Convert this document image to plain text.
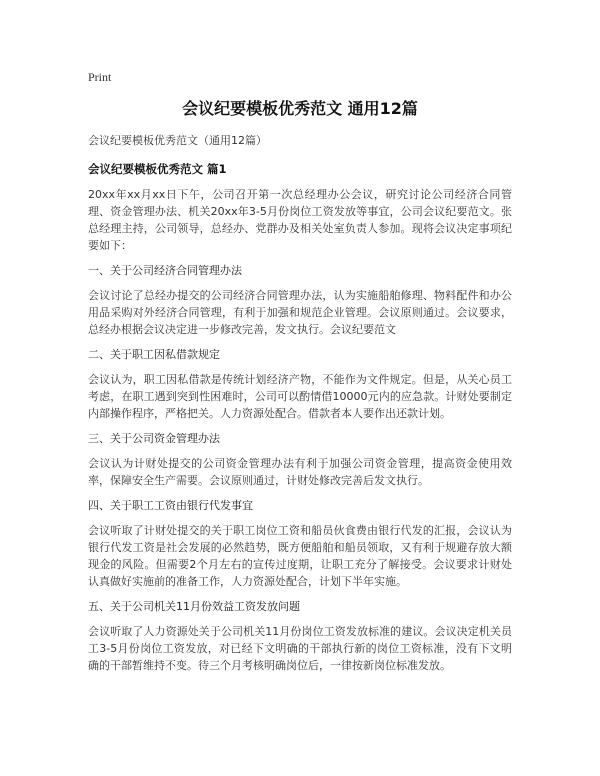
Print
会议纪要模板优秀范文 通用12篇

会议纪要模板优秀范文（通用12篇）

会议纪要模板优秀范文 篇1

20xx年xx月xx日下午，公司召开第一次总经理办公会议，研究讨论公司经济合同管理、资金管理办法、机关20xx年3-5月份岗位工资发放等事宜，公司会议纪要范文。张总经理主持，公司领导，总经办、党群办及相关处室负责人参加。现将会议决定事项纪要如下：

一、关于公司经济合同管理办法

会议讨论了总经办提交的公司经济合同管理办法，认为实施船舶修理、物料配件和办公用品采购对外经济合同管理，有利于加强和规范企业管理。会议原则通过。会议要求，总经办根据会议决定进一步修改完善，发文执行。会议纪要范文

二、关于职工因私借款规定

会议认为，职工因私借款是传统计划经济产物，不能作为文件规定。但是，从关心员工考虑，在职工遇到突到性困难时，公司可以酌情借10000元内的应急款。计财处要制定内部操作程序，严格把关。人力资源处配合。借款者本人要作出还款计划。

三、关于公司资金管理办法

会议认为计财处提交的公司资金管理办法有利于加强公司资金管理，提高资金使用效率，保障安全生产需要。会议原则通过，计财处修改完善后发文执行。

四、关于职工工资由银行代发事宜

会议听取了计财处提交的关于职工岗位工资和船员伙食费由银行代发的汇报，会议认为银行代发工资是社会发展的必然趋势，既方便船舶和船员领取，又有利于规避存放大额现金的风险。但需要2个月左右的宣传过度期，让职工充分了解接受。会议要求计财处认真做好实施前的准备工作，人力资源处配合，计划下半年实施。

五、关于公司机关11月份效益工资发放问题

会议听取了人力资源处关于公司机关11月份岗位工资发放标准的建议。会议决定机关员工3-5月份岗位工资发放，对已经下文明确的干部执行新的岗位工资标准，没有下文明确的干部暂维持不变。待三个月考核明确岗位后，一律按新岗位标准发放。
